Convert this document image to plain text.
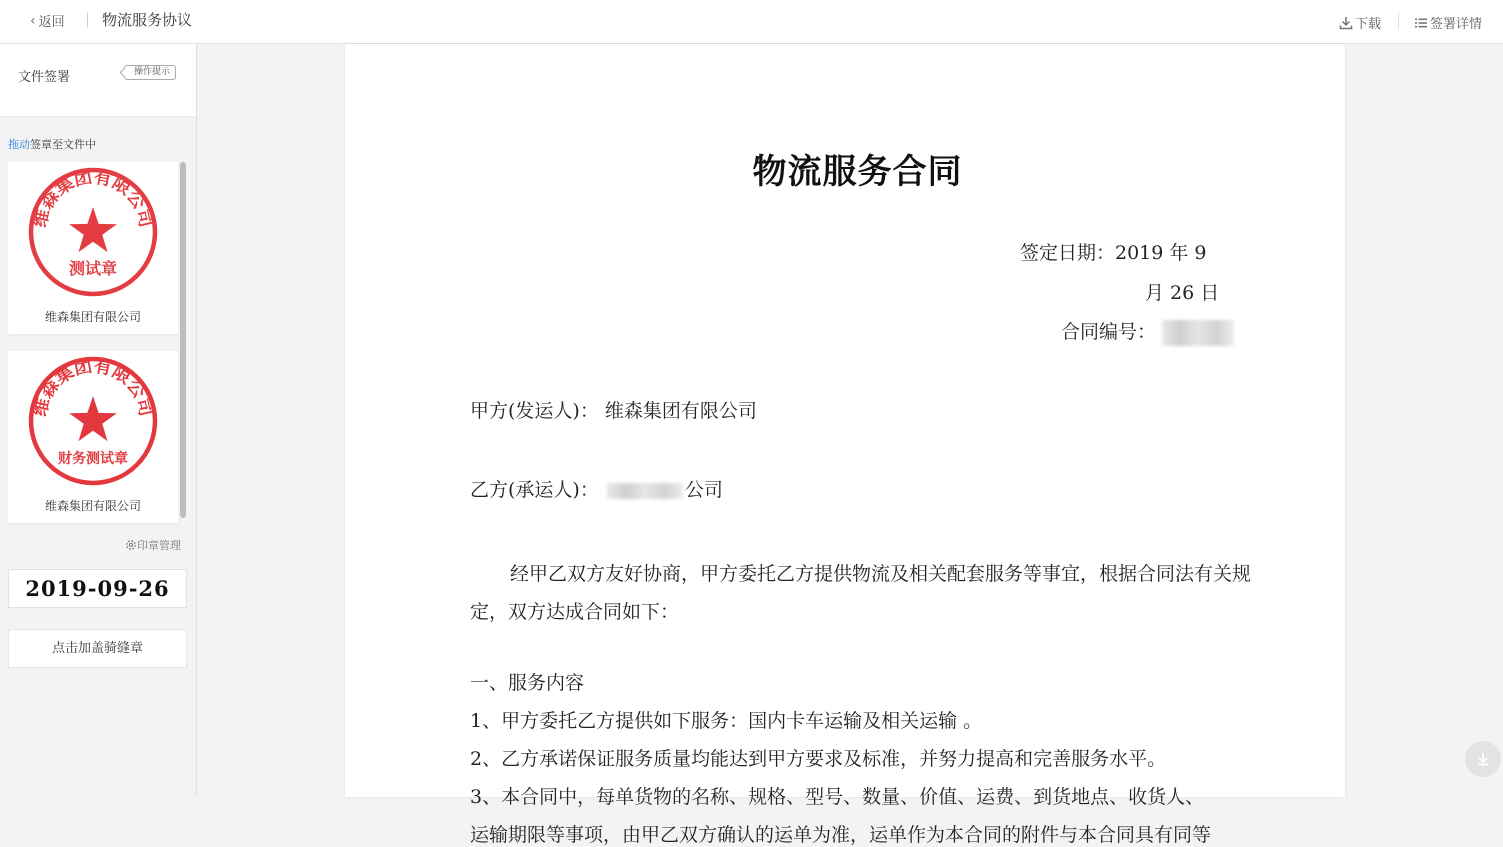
‹ 返回 物流服务协议	下载	签署详情
文件签署	操作提示
拖动签章至文件中
维森集团有限公司
测试章
维森集团有限公司
维森集团有限公司
财务测试章
维森集团有限公司
印章管理
2019-09-26
点击加盖骑缝章
物流服务合同
签定日期：2019 年 9
月 26 日
合同编号：
甲方(发运人)： 维森集团有限公司
乙方(承运人)：	公司
经甲乙双方友好协商，甲方委托乙方提供物流及相关配套服务等事宜，根据合同法有关规定，双方达成合同如下：
一、服务内容
1、甲方委托乙方提供如下服务：国内卡车运输及相关运输 。
2、乙方承诺保证服务质量均能达到甲方要求及标准，并努力提高和完善服务水平。
3、本合同中，每单货物的名称、规格、型号、数量、价值、运费、到货地点、收货人、
运输期限等事项，由甲乙双方确认的运单为准，运单作为本合同的附件与本合同具有同等
